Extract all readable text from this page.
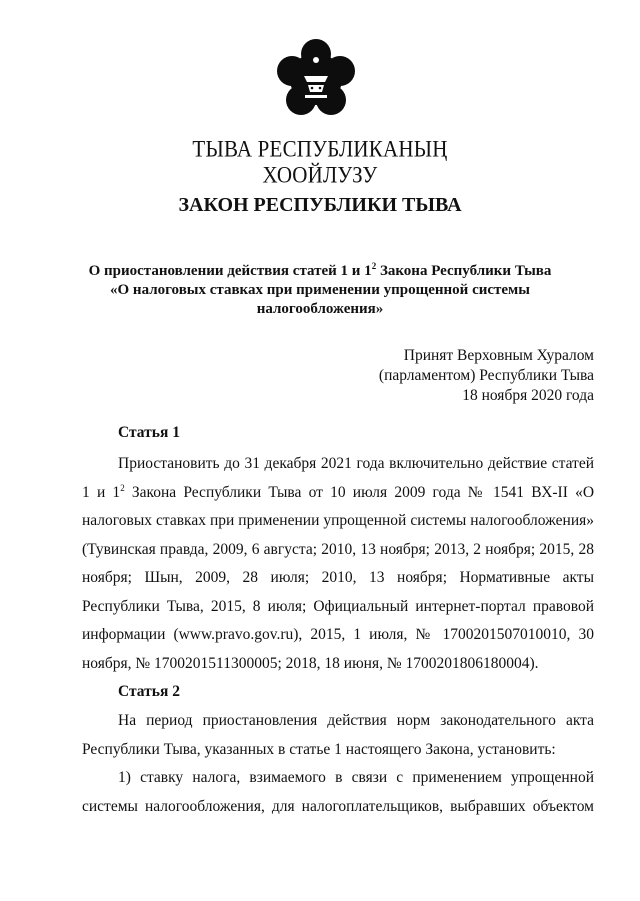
ТЫВА РЕСПУБЛИКАНЫҢ
ХООЙЛУЗУ
ЗАКОН РЕСПУБЛИКИ ТЫВА
О приостановлении действия статей 1 и $1^2$ Закона Республики Тыва
«О налоговых ставках при применении упрощенной системы
налогообложения»
Принят Верховным Хуралом
(парламентом) Республики Тыва
18 ноября 2020 года
Статья 1
Приостановить до 31 декабря 2021 года включительно действие статей 1 и $1^2$ Закона Республики Тыва от 10 июля 2009 года № 1541 ВХ-II «О налоговых ставках при применении упрощенной системы налогообложения» (Тувинская правда, 2009, 6 августа; 2010, 13 ноября; 2013, 2 ноября; 2015, 28 ноября; Шын, 2009, 28 июля; 2010, 13 ноября; Нормативные акты Республики Тыва, 2015, 8 июля; Официальный интернет-портал правовой информации (www.pravo.gov.ru), 2015, 1 июля, № 1700201507010010, 30 ноября, № 1700201511300005; 2018, 18 июня, № 1700201806180004).
Статья 2
На период приостановления действия норм законодательного акта Республики Тыва, указанных в статье 1 настоящего Закона, установить:
1) ставку налога, взимаемого в связи с применением упрощенной системы налогообложения, для налогоплательщиков, выбравших объектом
